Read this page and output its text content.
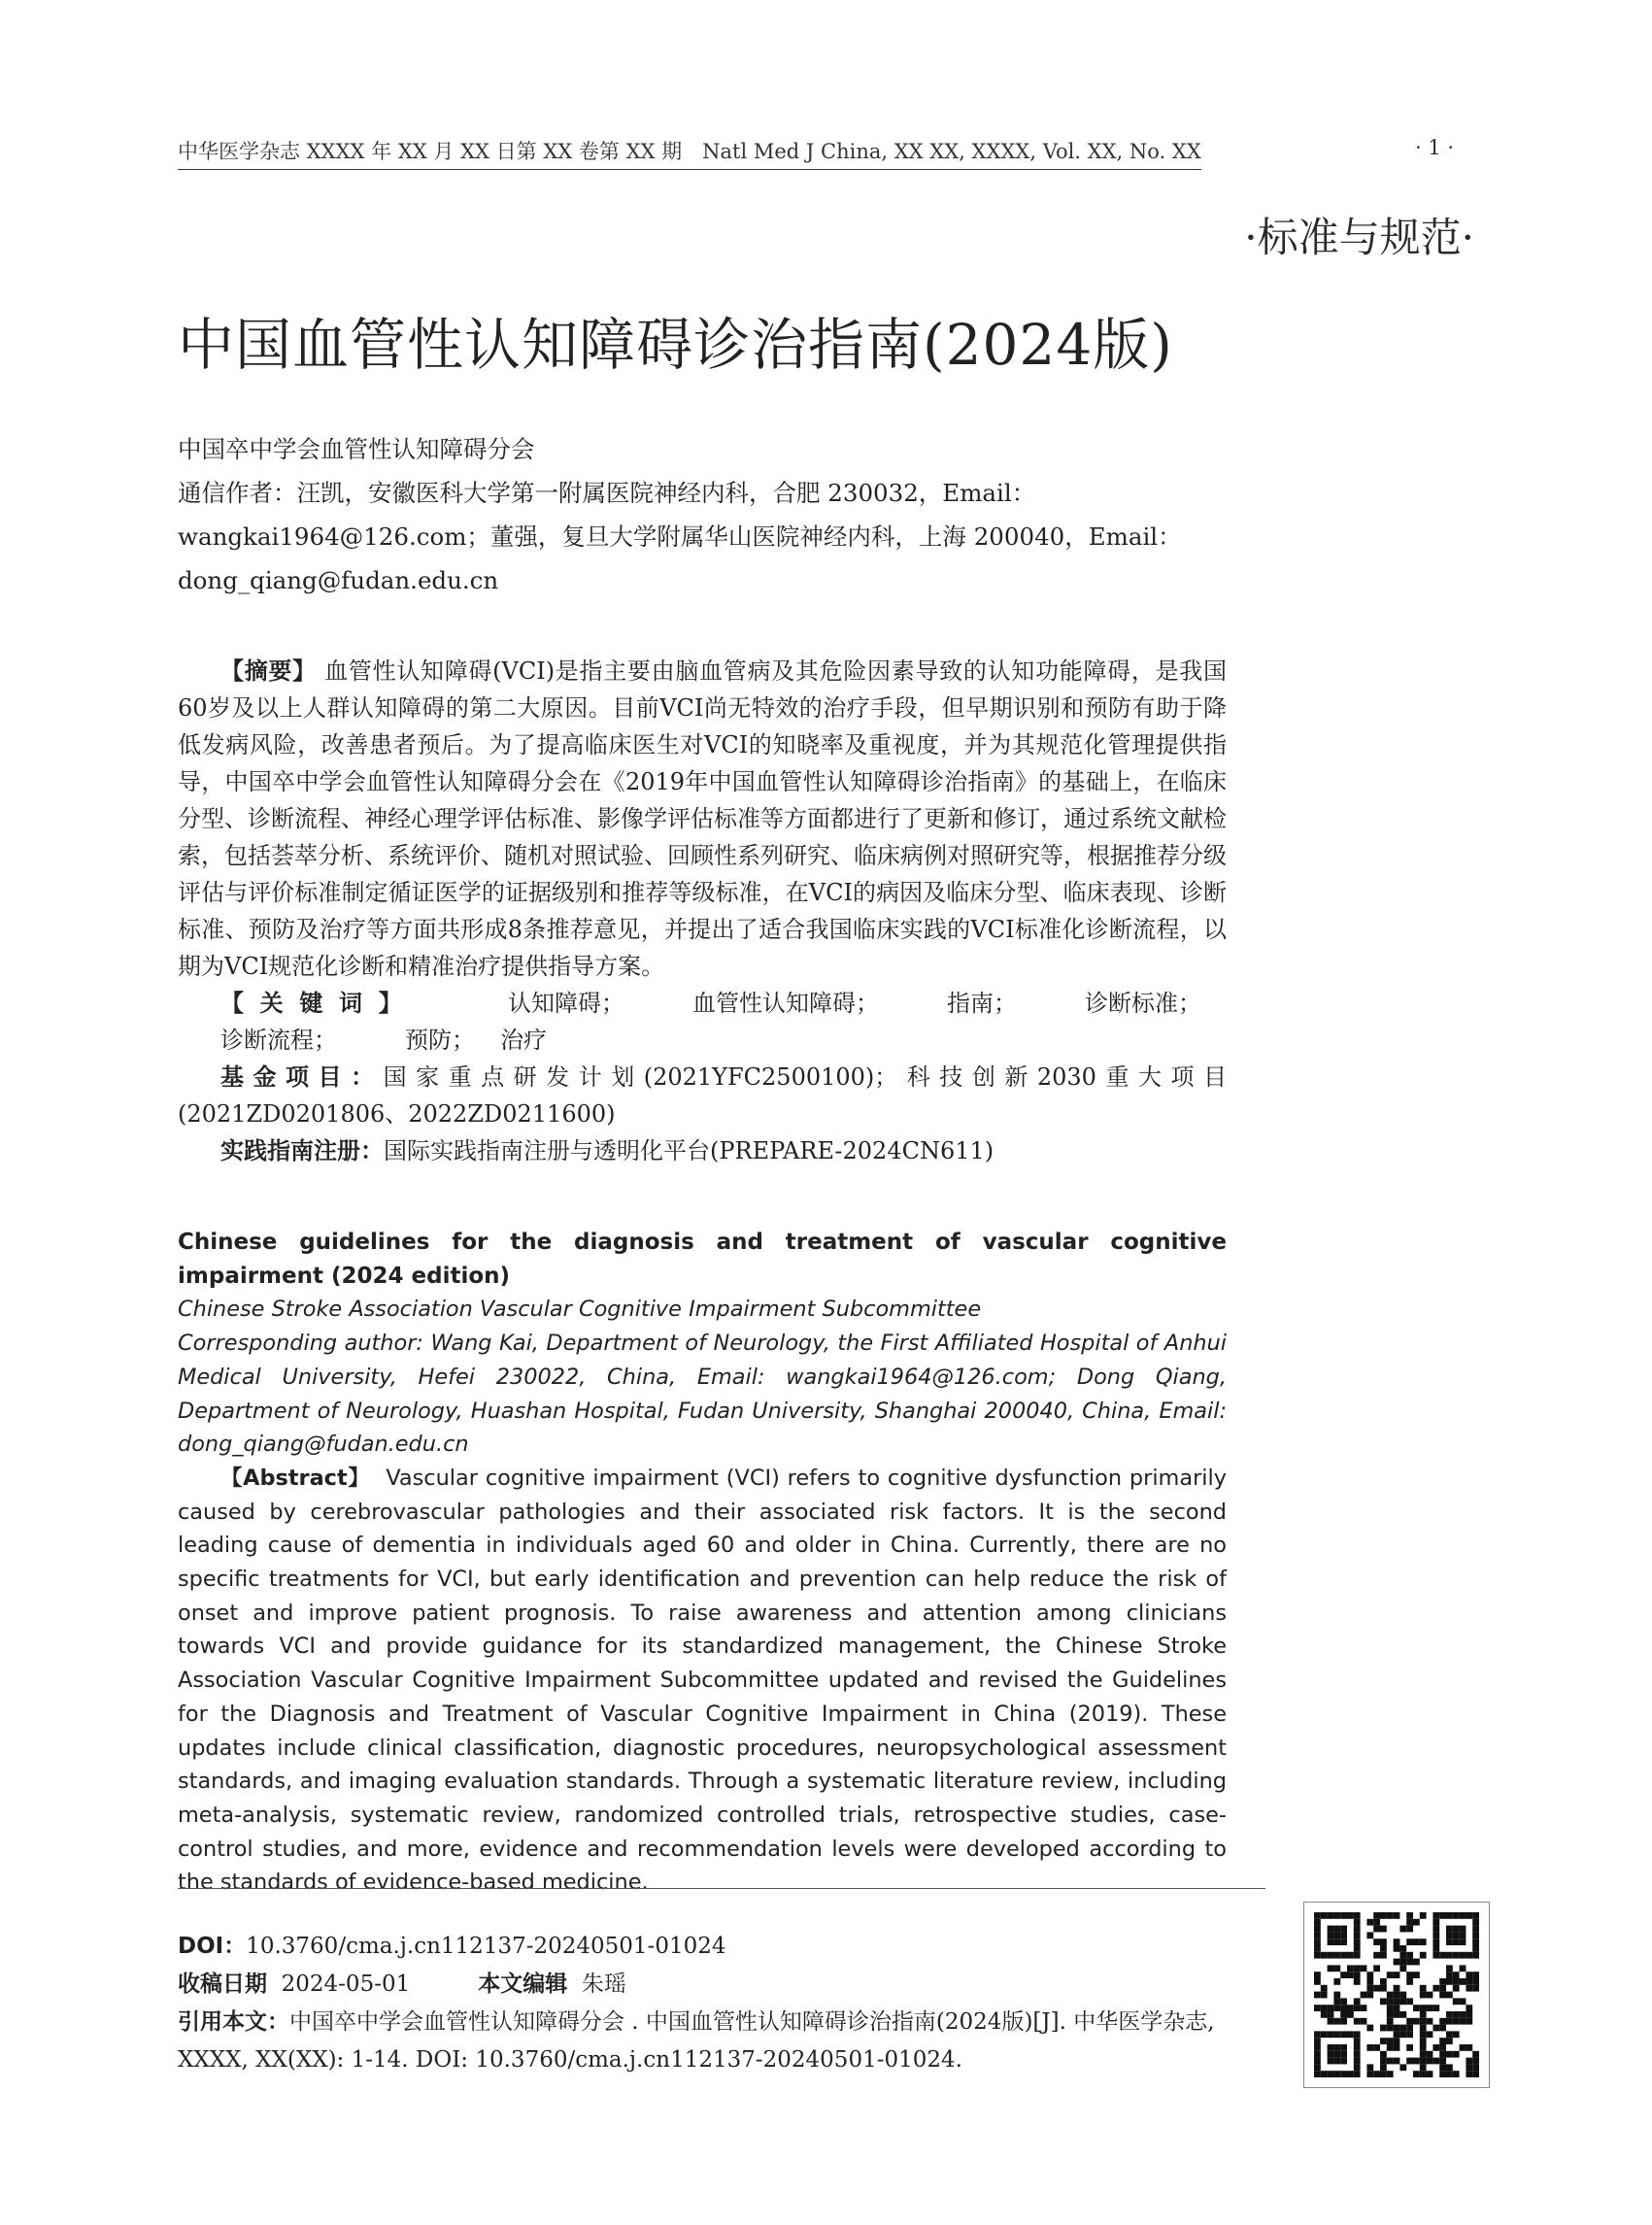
中华医学杂志 XXXX 年 XX 月 XX 日第 XX 卷第 XX 期　Natl Med J China, XX XX, XXXX, Vol. XX, No. XX	· 1 ·
·标准与规范·
中国血管性认知障碍诊治指南(2024版)

中国卒中学会血管性认知障碍分会

通信作者：汪凯，安徽医科大学第一附属医院神经内科，合肥 230032，Email：

wangkai1964@126.com；董强，复旦大学附属华山医院神经内科，上海 200040，Email：

dong_qiang@fudan.edu.cn

【摘要】 血管性认知障碍(VCI)是指主要由脑血管病及其危险因素导致的认知功能障碍，是我国60岁及以上人群认知障碍的第二大原因。目前VCI尚无特效的治疗手段，但早期识别和预防有助于降低发病风险，改善患者预后。为了提高临床医生对VCI的知晓率及重视度，并为其规范化管理提供指导，中国卒中学会血管性认知障碍分会在《2019年中国血管性认知障碍诊治指南》的基础上，在临床分型、诊断流程、神经心理学评估标准、影像学评估标准等方面都进行了更新和修订，通过系统文献检索，包括荟萃分析、系统评价、随机对照试验、回顾性系列研究、临床病例对照研究等，根据推荐分级评估与评价标准制定循证医学的证据级别和推荐等级标准，在VCI的病因及临床分型、临床表现、诊断标准、预防及治疗等方面共形成8条推荐意见，并提出了适合我国临床实践的VCI标准化诊断流程，以期为VCI规范化诊断和精准治疗提供指导方案。

【关键词】	认知障碍；	血管性认知障碍；	指南；	诊断标准；诊断流程；	预防； 治疗

基金项目：国家重点研发计划(2021YFC2500100)；科技创新2030重大项目(2021ZD0201806、2022ZD0211600)

实践指南注册：国际实践指南注册与透明化平台(PREPARE-2024CN611)

Chinese guidelines for the diagnosis and treatment of vascular cognitive impairment (2024 edition)

Chinese Stroke Association Vascular Cognitive Impairment Subcommittee

Corresponding author: Wang Kai, Department of Neurology, the First Affiliated Hospital of Anhui Medical University, Hefei 230022, China, Email: wangkai1964@126.com; Dong Qiang, Department of Neurology, Huashan Hospital, Fudan University, Shanghai 200040, China, Email: dong_qiang@fudan.edu.cn

【Abstract】 Vascular cognitive impairment (VCI) refers to cognitive dysfunction primarily caused by cerebrovascular pathologies and their associated risk factors. It is the second leading cause of dementia in individuals aged 60 and older in China. Currently, there are no specific treatments for VCI, but early identification and prevention can help reduce the risk of onset and improve patient prognosis. To raise awareness and attention among clinicians towards VCI and provide guidance for its standardized management, the Chinese Stroke Association Vascular Cognitive Impairment Subcommittee updated and revised the Guidelines for the Diagnosis and Treatment of Vascular Cognitive Impairment in China (2019). These updates include clinical classification, diagnostic procedures, neuropsychological assessment standards, and imaging evaluation standards. Through a systematic literature review, including meta-analysis, systematic review, randomized controlled trials, retrospective studies, case-control studies, and more, evidence and recommendation levels were developed according to the standards of evidence-based medicine.

DOI：10.3760/cma.j.cn112137-20240501-01024

收稿日期 2024-05-01	本文编辑 朱瑶

引用本文：中国卒中学会血管性认知障碍分会 . 中国血管性认知障碍诊治指南(2024版)[J]. 中华医学杂志, XXXX, XX(XX): 1-14. DOI: 10.3760/cma.j.cn112137-20240501-01024.
